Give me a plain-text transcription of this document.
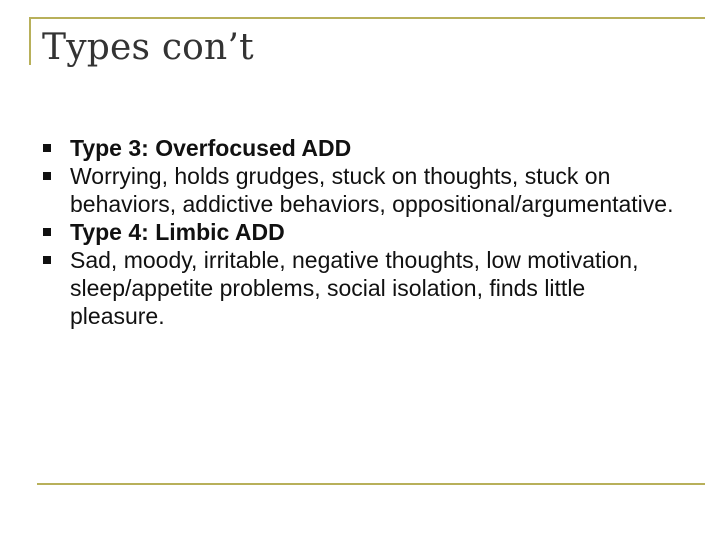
Types con’t
Type 3: Overfocused ADD
Worrying, holds grudges, stuck on thoughts, stuck on behaviors, addictive behaviors, oppositional/argumentative.
Type 4: Limbic ADD
Sad, moody, irritable, negative thoughts, low motivation, sleep/appetite problems, social isolation, finds little pleasure.
